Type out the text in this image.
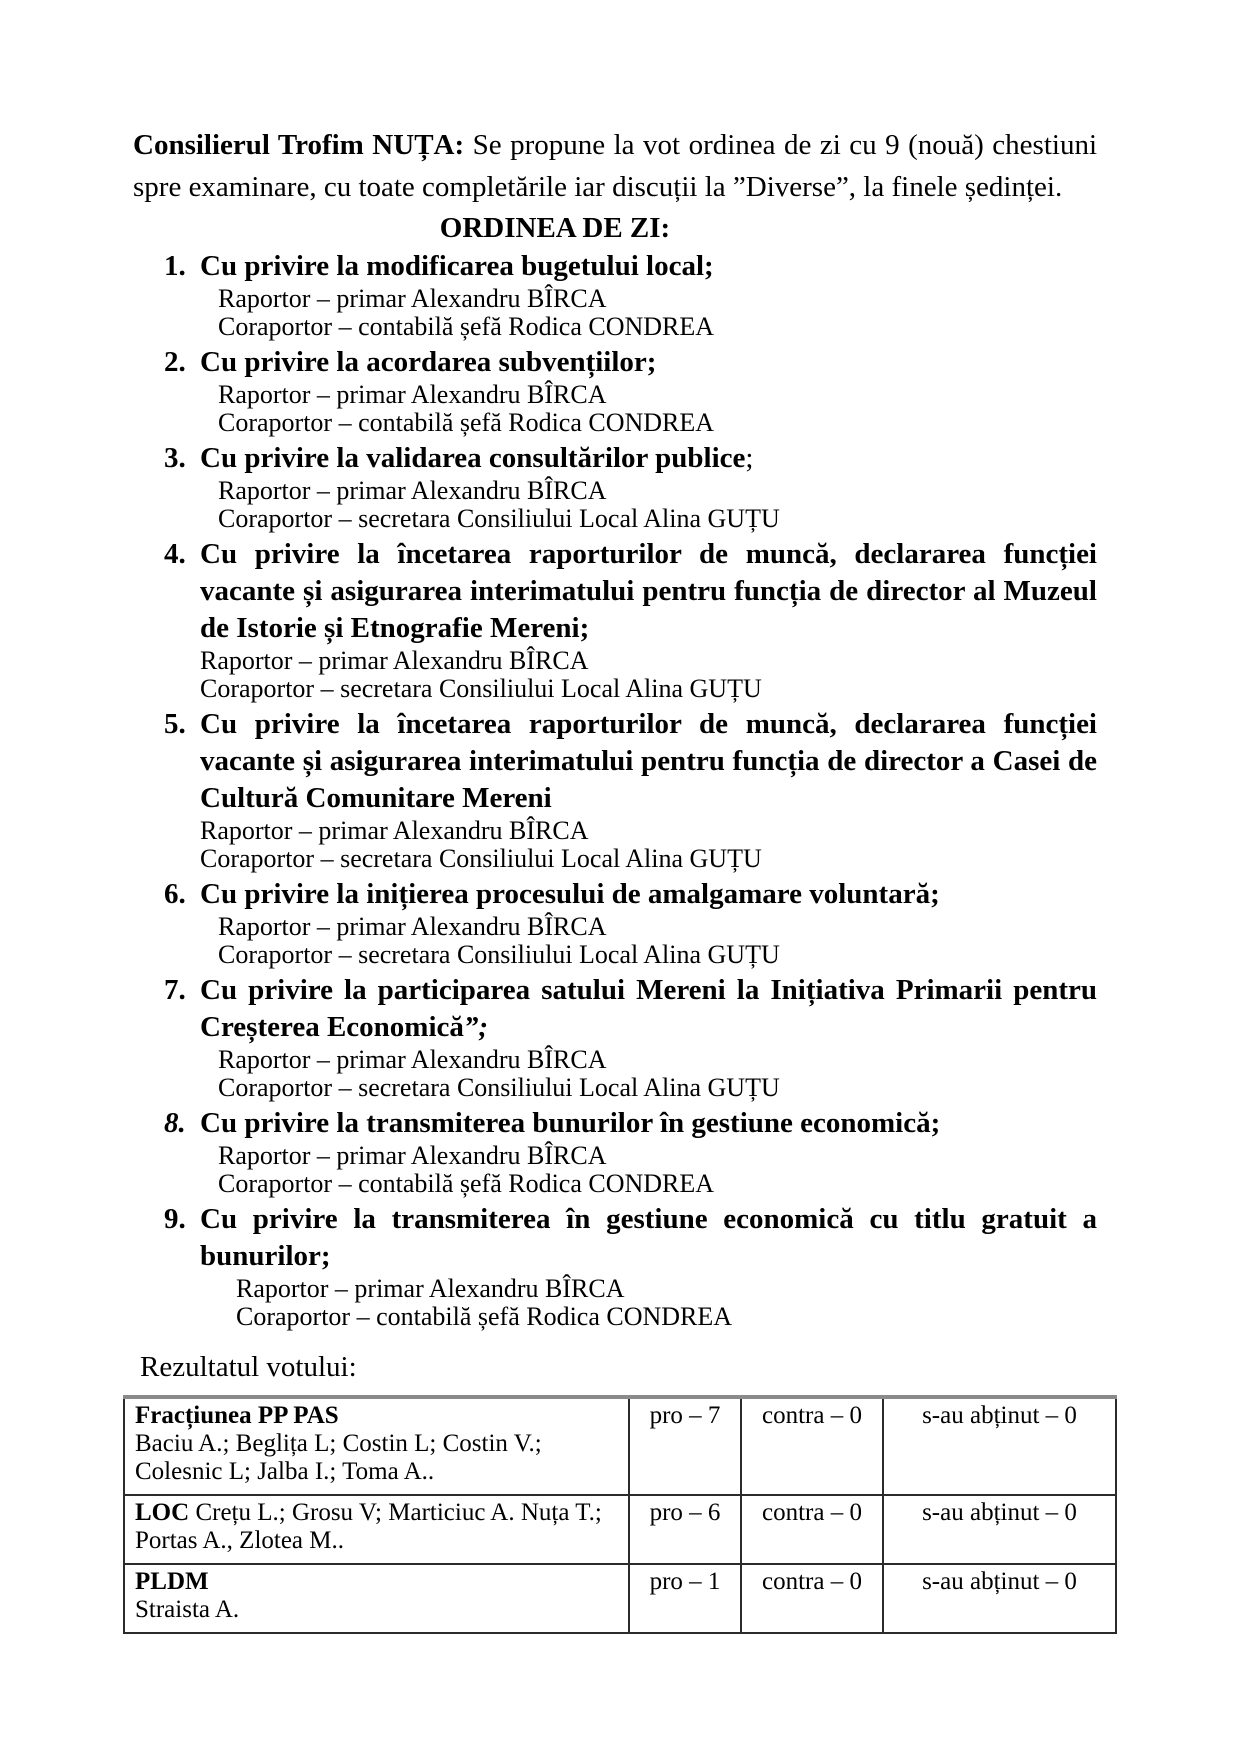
Consilierul Trofim NUȚA: Se propune la vot ordinea de zi cu 9 (nouă) chestiuni spre examinare, cu toate completările iar discuții la ”Diverse”, la finele ședinței.

ORDINEA DE ZI:

1. Cu privire la modificarea bugetului local;

Raportor – primar Alexandru BÎRCA
Coraportor – contabilă șefă Rodica CONDREA
2. Cu privire la acordarea subvențiilor;

Raportor – primar Alexandru BÎRCA
Coraportor – contabilă șefă Rodica CONDREA
3. Cu privire la validarea consultărilor publice;

Raportor – primar Alexandru BÎRCA
Coraportor – secretara Consiliului Local Alina GUȚU
4. Cu privire la încetarea raporturilor de muncă, declararea funcției vacante și asigurarea interimatului pentru funcția de director al Muzeul de Istorie și Etnografie Mereni;

Raportor – primar Alexandru BÎRCA
Coraportor – secretara Consiliului Local Alina GUȚU
5. Cu privire la încetarea raporturilor de muncă, declararea funcției vacante și asigurarea interimatului pentru funcția de director a Casei de Cultură Comunitare Mereni

Raportor – primar Alexandru BÎRCA
Coraportor – secretara Consiliului Local Alina GUȚU
6. Cu privire la inițierea procesului de amalgamare voluntară;

Raportor – primar Alexandru BÎRCA
Coraportor – secretara Consiliului Local Alina GUȚU
7. Cu privire la participarea satului Mereni la Inițiativa Primarii pentru Creșterea Economică”;

Raportor – primar Alexandru BÎRCA
Coraportor – secretara Consiliului Local Alina GUȚU
8. Cu privire la transmiterea bunurilor în gestiune economică;

Raportor – primar Alexandru BÎRCA
Coraportor – contabilă șefă Rodica CONDREA
9. Cu privire la transmiterea în gestiune economică cu titlu gratuit a bunurilor;

Raportor – primar Alexandru BÎRCA
Coraportor – contabilă șefă Rodica CONDREA

Rezultatul votului:

Fracțiunea PP PAS
Baciu A.; Beglița L; Costin L; Costin V.; Colesnic L; Jalba I.; Toma A..	pro – 7	contra – 0	s-au abținut – 0
LOC Crețu L.; Grosu V; Marticiuc A. Nuța T.; Portas A., Zlotea M..	pro – 6	contra – 0	s-au abținut – 0

PLDM
Straista A.	pro – 1	contra – 0	s-au abținut – 0
